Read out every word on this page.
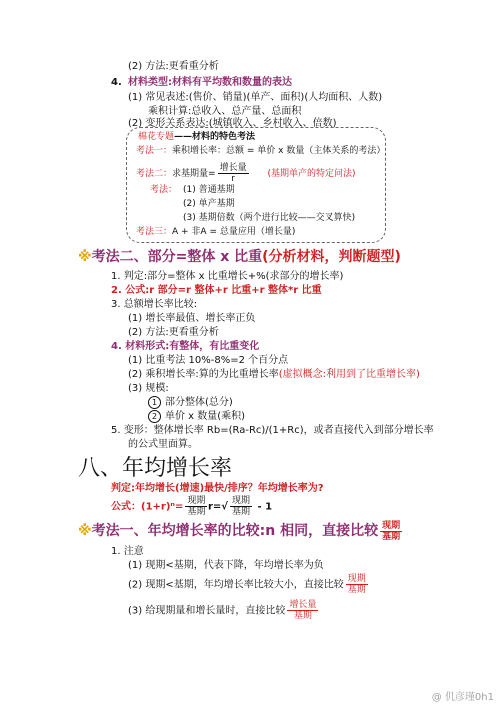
(2) 方法:更看重分析
4. 材料类型:材料有平均数和数量的表达
(1) 常见表述:(售价、销量)(单产、面积)(人均面积、人数)
乘积计算:总收入、总产量、总面积
(2) 变形关系表达:(城镇收入、乡村收入、倍数)
棉花专题——材料的特色考法
考法一：乘积增长率：总额 = 单价 x 数量（主体关系的考法）
考法二：求基期量= $\frac{\text{增长量}}{r}$ (基期单产的特定问法)
考法： (1) 普通基期
(2) 单产基期
(3) 基期倍数（两个进行比较——交叉算快)
考法三：A + 非A = 总量应用（增长量)
※考法二、部分=整体 x 比重(分析材料，判断题型)
1. 判定:部分=整体 x 比重增长+%(求部分的增长率)
2. 公式:r 部分=r 整体+r 比重+r 整体*r 比重
3. 总额增长率比较:
(1) 增长率最值、增长率正负
(2) 方法:更看重分析
4. 材料形式:有整体，有比重变化
(1) 比重考法 10%-8%=2 个百分点
(2) 乘积增长率:算的为比重增长率(虚拟概念:利用到了比重增长率)
(3) 规模:
1 部分整体(总分)
2 单价 x 数量(乘积)
5. 变形：整体增长率 Rb=(Ra-Rc)/(1+Rc)，或者直接代入到部分增长率
的公式里面算。
八、年均增长率
判定:年均增长(增速)最快/排序？年均增长率为?
公式：$(1+r)^n= \frac{\text{现期}}{\text{基期}} r=√ \frac{\text{现期}}{\text{基期}} - 1$
※考法一、年均增长率的比较:n 相同，直接比较 $\frac{\text{现期}}{\text{基期}}$
1. 注意
(1) 现期<基期，代表下降，年均增长率为负
(2) 现期<基期，年均增长率比较大小，直接比较 $\frac{\text{现期}}{\text{基期}}$
(3) 给现期量和增长量时，直接比较 $\frac{\text{增长量}}{\text{基期}}$
@ 仉彦瑾0h1
